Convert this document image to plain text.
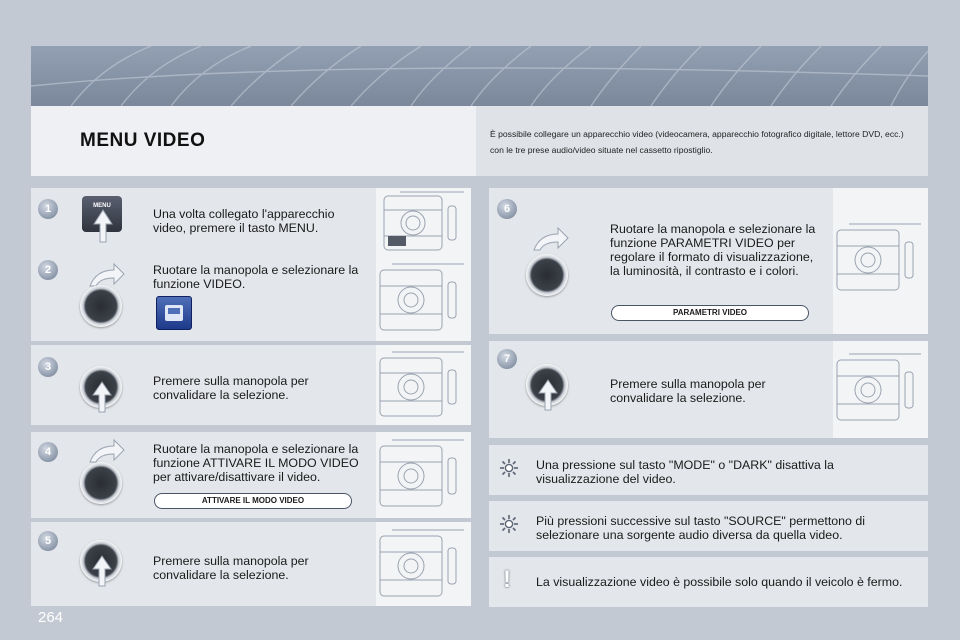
MENU VIDEO	È possibile collegare un apparecchio video (videocamera, apparecchio fotografico digitale, lettore DVD, ecc.) con le tre prese audio/video situate nel cassetto ripostiglio.
1
2
3
4
5
6
7
MENU
Una volta collegato l'apparecchio video, premere il tasto MENU.
Ruotare la manopola e selezionare la funzione VIDEO.
Premere sulla manopola per convalidare la selezione.
Ruotare la manopola e selezionare la funzione ATTIVARE IL MODO VIDEO per attivare/disattivare il video.
ATTIVARE IL MODO VIDEO
Premere sulla manopola per convalidare la selezione.
Ruotare la manopola e selezionare la funzione PARAMETRI VIDEO per regolare il formato di visualizzazione, la luminosità, il contrasto e i colori.
PARAMETRI VIDEO
Premere sulla manopola per convalidare la selezione.
Una pressione sul tasto "MODE" o "DARK" disattiva la visualizzazione del video.
Più pressioni successive sul tasto "SOURCE" permettono di selezionare una sorgente audio diversa da quella video.
! La visualizzazione video è possibile solo quando il veicolo è fermo.
264
